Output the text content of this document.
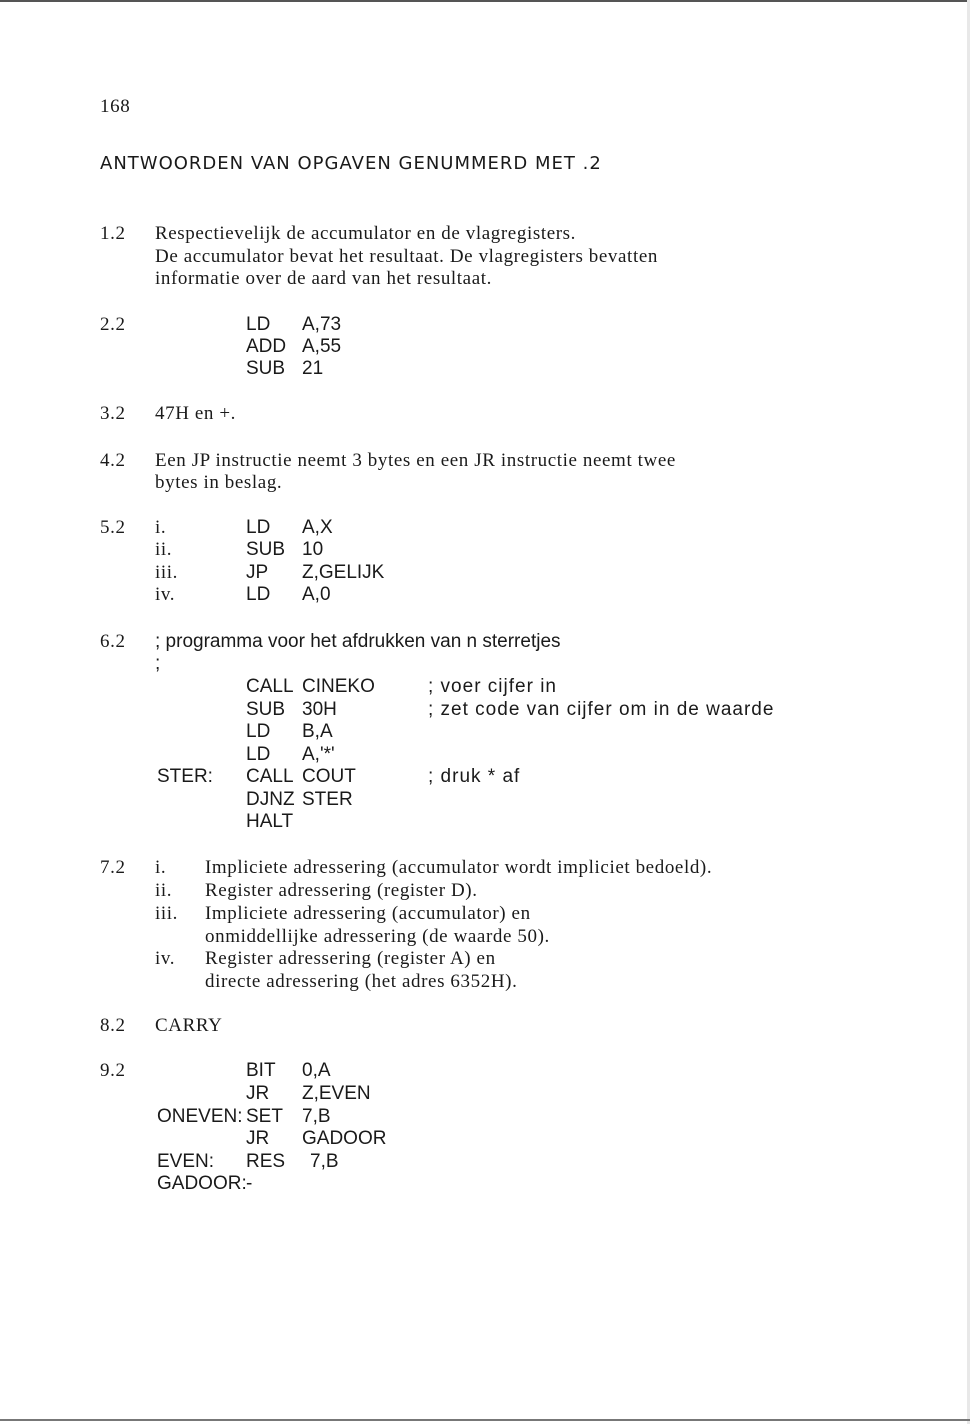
168
ANTWOORDEN VAN OPGAVEN GENUMMERD MET .2
1.2 Respectievelijk de accumulator en de vlagregisters.
De accumulator bevat het resultaat. De vlagregisters bevatten
informatie over de aard van het resultaat.
2.2	LD A,73
ADD A,55
SUB 21
3.2 47H en +.
4.2 Een JP instructie neemt 3 bytes en een JR instructie neemt twee
bytes in beslag.
5.2 i.	LD A,X
ii.	SUB 10
iii.	JP Z,GELIJK
iv.	LD A,0
6.2 ; programma voor het afdrukken van n sterretjes
;
CALL CINEKO	; voer cijfer in
SUB 30H	; zet code van cijfer om in de waarde
LD B,A
LD A,'*'
STER: CALL COUT	; druk * af
DJNZ STER
HALT
7.2 i. Impliciete adressering (accumulator wordt impliciet bedoeld).
ii. Register adressering (register D).
iii. Impliciete adressering (accumulator) en
onmiddellijke adressering (de waarde 50).
iv. Register adressering (register A) en
directe adressering (het adres 6352H).
8.2 CARRY
9.2	BIT 0,A
JR Z,EVEN
ONEVEN: SET 7,B
JR GADOOR
EVEN: RES 7,B
GADOOR: -
